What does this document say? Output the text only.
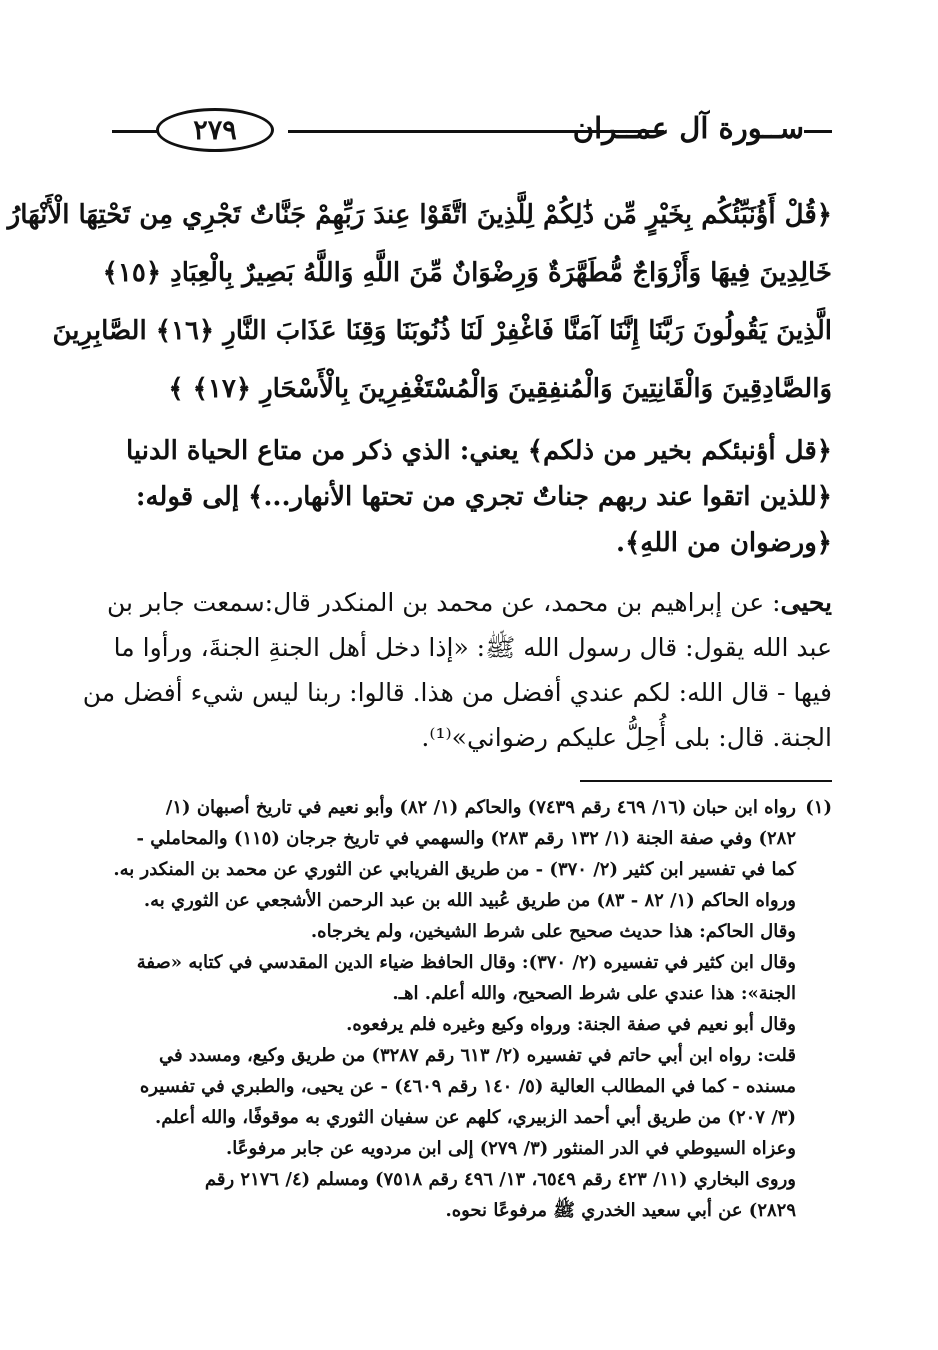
٢٧٩	ســورة آل عمــران
﴿قُلْ أَؤُنَبِّئُكُم بِخَيْرٍ مِّن ذَٰلِكُمْ لِلَّذِينَ اتَّقَوْا عِندَ رَبِّهِمْ جَنَّاتٌ تَجْرِي مِن تَحْتِهَا الْأَنْهَارُ
خَالِدِينَ فِيهَا وَأَزْوَاجٌ مُّطَهَّرَةٌ وَرِضْوَانٌ مِّنَ اللَّهِ وَاللَّهُ بَصِيرٌ بِالْعِبَادِ ﴿١٥﴾
الَّذِينَ يَقُولُونَ رَبَّنَا إِنَّنَا آمَنَّا فَاغْفِرْ لَنَا ذُنُوبَنَا وَقِنَا عَذَابَ النَّارِ ﴿١٦﴾ الصَّابِرِينَ
وَالصَّادِقِينَ وَالْقَانِتِينَ وَالْمُنفِقِينَ وَالْمُسْتَغْفِرِينَ بِالْأَسْحَارِ ﴿١٧﴾ ﴾
﴿قل أؤنبئكم بخير من ذلكم﴾ يعني: الذي ذكر من متاع الحياة الدنيا
﴿للذين اتقوا عند ربهم جناتٌ تجري من تحتها الأنهار...﴾ إلى قوله:
﴿ورضوان من اللهِ﴾.
يحيى: عن إبراهيم بن محمد، عن محمد بن المنكدر قال:سمعت جابر بن
عبد الله يقول: قال رسول الله ﷺ: «إذا دخل أهل الجنةِ الجنةَ، ورأوا ما
فيها - قال الله: لكم عندي أفضل من هذا. قالوا: ربنا ليس شيء أفضل من
الجنة. قال: بلى أُحِلُّ عليكم رضواني»⁽¹⁾.
(١)رواه ابن حبان (١٦/ ٤٦٩ رقم ٧٤٣٩) والحاكم (١/ ٨٢) وأبو نعيم في تاريخ أصبهان (١/
٢٨٢) وفي صفة الجنة (١/ ١٣٢ رقم ٢٨٣) والسهمي في تاريخ جرجان (١١٥) والمحاملي -
كما في تفسير ابن كثير (٢/ ٣٧٠) - من طريق الفريابي عن الثوري عن محمد بن المنكدر به.
ورواه الحاكم (١/ ٨٢ - ٨٣) من طريق عُبيد الله بن عبد الرحمن الأشجعي عن الثوري به.
وقال الحاكم: هذا حديث صحيح على شرط الشيخين، ولم يخرجاه.
وقال ابن كثير في تفسيره (٢/ ٣٧٠): وقال الحافظ ضياء الدين المقدسي في كتابه «صفة
الجنة»: هذا عندي على شرط الصحيح، والله أعلم. اهـ.
وقال أبو نعيم في صفة الجنة: ورواه وكيع وغيره فلم يرفعوه.
قلت: رواه ابن أبي حاتم في تفسيره (٢/ ٦١٣ رقم ٣٢٨٧) من طريق وكيع، ومسدد في
مسنده - كما في المطالب العالية (٥/ ١٤٠ رقم ٤٦٠٩) - عن يحيى، والطبري في تفسيره
(٣/ ٢٠٧) من طريق أبي أحمد الزبيري، كلهم عن سفيان الثوري به موقوفًا، والله أعلم.
وعزاه السيوطي في الدر المنثور (٣/ ٢٧٩) إلى ابن مردويه عن جابر مرفوعًا.
وروى البخاري (١١/ ٤٢٣ رقم ٦٥٤٩، ١٣/ ٤٩٦ رقم ٧٥١٨) ومسلم (٤/ ٢١٧٦ رقم
٢٨٢٩) عن أبي سعيد الخدري ﷺ مرفوعًا نحوه.
